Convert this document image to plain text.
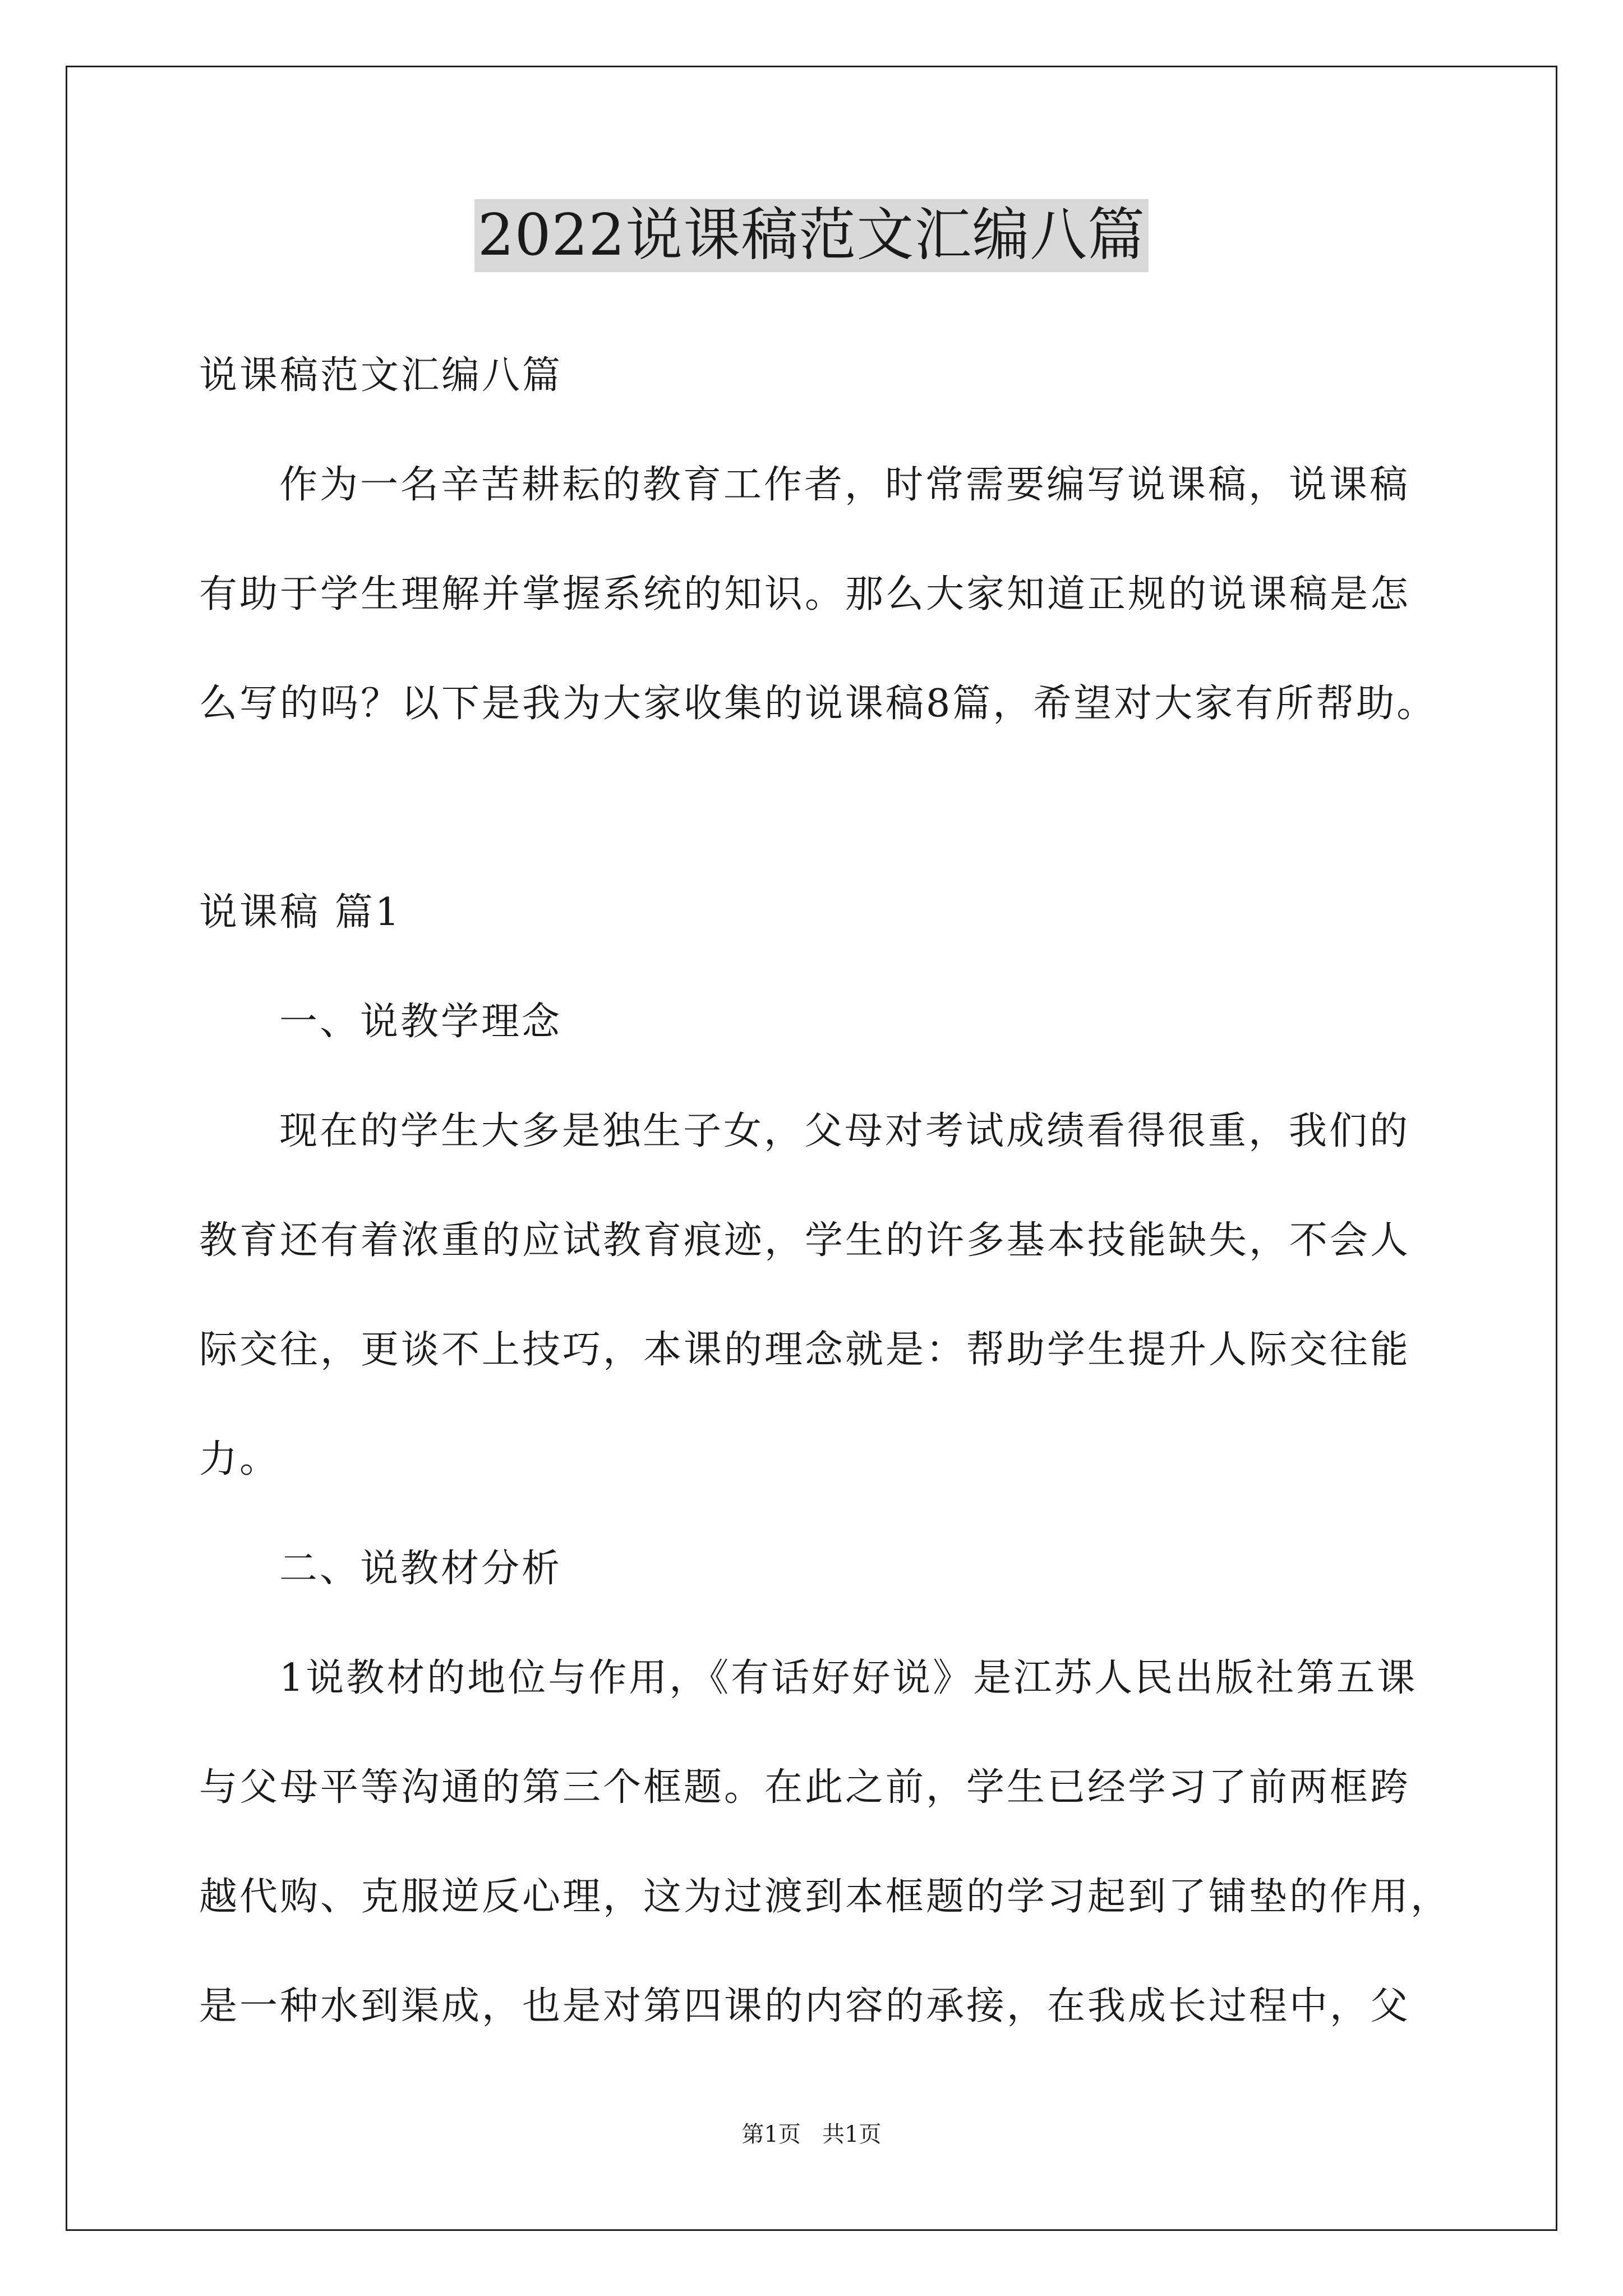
2022说课稿范文汇编八篇
说课稿范文汇编八篇
作为一名辛苦耕耘的教育工作者，时常需要编写说课稿，说课稿
有助于学生理解并掌握系统的知识。那么大家知道正规的说课稿是怎
么写的吗？以下是我为大家收集的说课稿8篇，希望对大家有所帮助。
说课稿 篇1
一、说教学理念
现在的学生大多是独生子女，父母对考试成绩看得很重，我们的
教育还有着浓重的应试教育痕迹，学生的许多基本技能缺失，不会人
际交往，更谈不上技巧，本课的理念就是：帮助学生提升人际交往能
力。
二、说教材分析
1说教材的地位与作用，《有话好好说》是江苏人民出版社第五课
与父母平等沟通的第三个框题。在此之前，学生已经学习了前两框跨
越代购、克服逆反心理，这为过渡到本框题的学习起到了铺垫的作用，
是一种水到渠成，也是对第四课的内容的承接，在我成长过程中，父
第1页   共1页
